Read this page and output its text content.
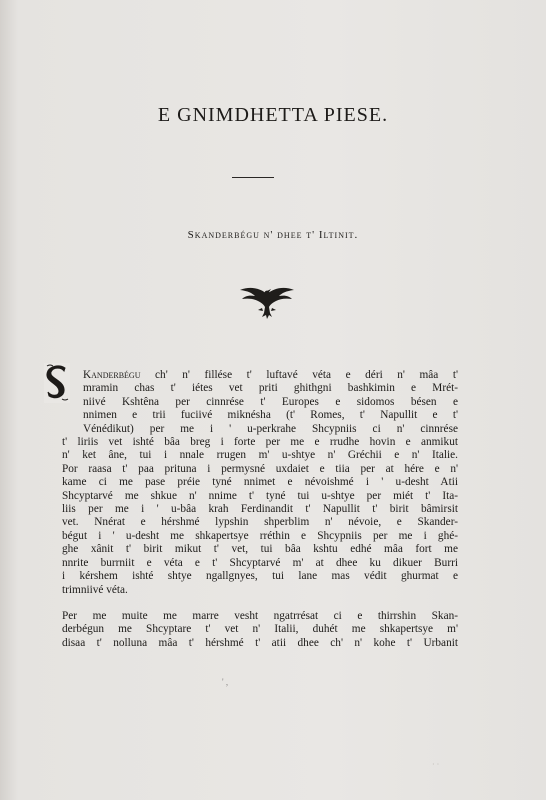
E GNIMDHETTA PIESE.
Skanderbégu n' dhee t' Iltinit.
Kanderbégu ch' n' fillése t' luftavé véta e déri n' mâa t'
mramin chas t' iétes vet priti ghithgni bashkimin e Mrét-
niivé Kshtêna per cinnrése t' Europes e sidomos bésen e
nnimen e trii fuciivé miknésha (t' Romes, t' Napullit e t'
Vénédikut) per me i ' u-perkrahe Shcypniis ci n' cinnrése
t' liriis vet ishté bâa breg i forte per me e rrudhe hovin e anmikut
n' ket âne, tui i nnale rrugen m' u-shtye n' Gréchii e n' Italie.
Por raasa t' paa prituna i permysné uxdaiet e tiia per at hére e n'
kame ci me pase préie tyné nnimet e névoishmé i ' u-desht Atii
Shcyptarvé me shkue n' nnime t' tyné tui u-shtye per miét t' Ita-
liis per me i ' u-bâa krah Ferdinandit t' Napullit t' birit bâmirsit
vet. Nnérat e hérshmé lypshin shperblim n' névoie, e Skander-
bégut i ' u-desht me shkapertsye rréthin e Shcypniis per me i ghé-
ghe xânit t' birit mikut t' vet, tui bâa kshtu edhé mâa fort me
nnrite burrniit e véta e t' Shcyptarvé m' at dhee ku dikuer Burri
i kérshem ishté shtye ngallgnyes, tui lane mas védit ghurmat e
trimniivé véta.
Per me muite me marre vesht ngatrrésat ci e thirrshin Skan-
derbégun me Shcyptare t' vet n' Italii, duhét me shkapertsye m'
disaa t' nolluna mâa t' hérshmé t' atii dhee ch' n' kohe t' Urbanit
' ,
· ·
